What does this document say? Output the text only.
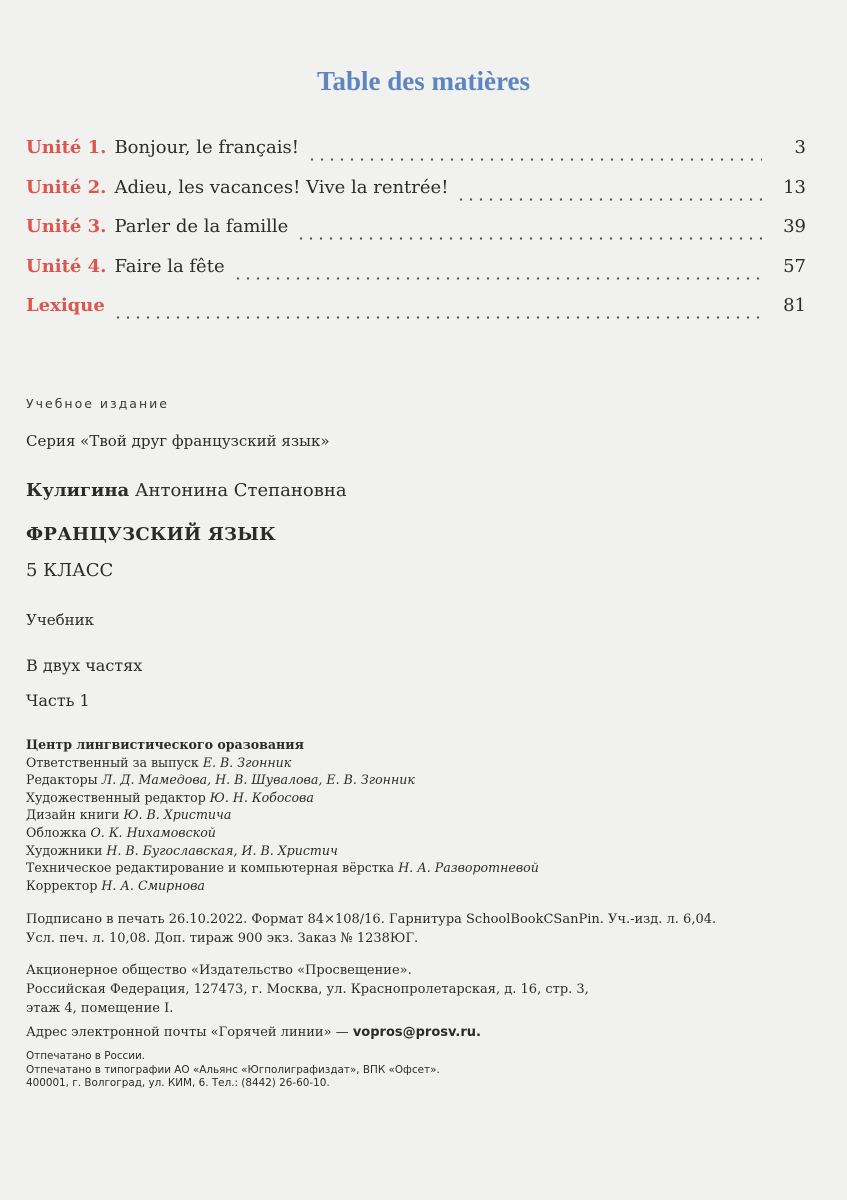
Table des matières
Unité 1. Bonjour, le français!	3
Unité 2. Adieu, les vacances! Vive la rentrée!	13
Unité 3. Parler de la famille	39
Unité 4. Faire la fête	57
Lexique	81
Учебное издание
Серия «Твой друг французский язык»
Кулигина Антонина Степановна
ФРАНЦУЗСКИЙ ЯЗЫК
5 КЛАСС
Учебник
В двух частях
Часть 1
Центр лингвистического оразования
Ответственный за выпуск Е. В. Згонник
Редакторы Л. Д. Мамедова, Н. В. Шувалова, Е. В. Згонник
Художественный редактор Ю. Н. Кобосова
Дизайн книги Ю. В. Христича
Обложка О. К. Нихамовской
Художники Н. В. Бугославская, И. В. Христич
Техническое редактирование и компьютерная вёрстка Н. А. Разворотневой
Корректор Н. А. Смирнова
Подписано в печать 26.10.2022. Формат 84×108/16. Гарнитура SchoolBookCSanPin. Уч.-изд. л. 6,04.
Усл. печ. л. 10,08. Доп. тираж 900 экз. Заказ № 1238ЮГ.
Акционерное общество «Издательство «Просвещение».
Российская Федерация, 127473, г. Москва, ул. Краснопролетарская, д. 16, стр. 3,
этаж 4, помещение I.
Адрес электронной почты «Горячей линии» — vopros@prosv.ru.
Отпечатано в России.
Отпечатано в типографии АО «Альянс «Югполиграфиздат», ВПК «Офсет».
400001, г. Волгоград, ул. КИМ, 6. Тел.: (8442) 26-60-10.
